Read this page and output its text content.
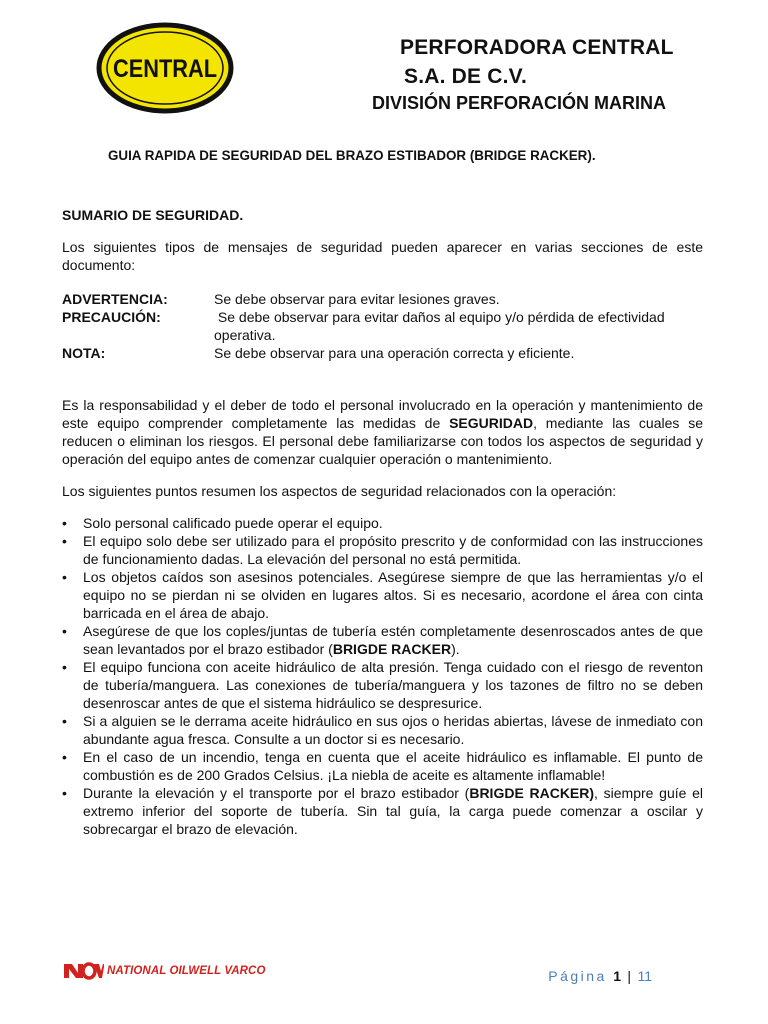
CENTRAL
PERFORADORA CENTRAL
S.A. DE C.V.
DIVISIÓN PERFORACIÓN MARINA
GUIA RAPIDA DE SEGURIDAD DEL BRAZO ESTIBADOR (BRIDGE RACKER).
SUMARIO DE SEGURIDAD.

Los siguientes tipos de mensajes de seguridad pueden aparecer en varias secciones de este documento:

ADVERTENCIA:	Se debe observar para evitar lesiones graves.
PRECAUCIÓN:	Se debe observar para evitar daños al equipo y/o pérdida de efectividad operativa.
NOTA:	Se debe observar para una operación correcta y eficiente.

Es la responsabilidad y el deber de todo el personal involucrado en la operación y mantenimiento de este equipo comprender completamente las medidas de SEGURIDAD, mediante las cuales se reducen o eliminan los riesgos. El personal debe familiarizarse con todos los aspectos de seguridad y operación del equipo antes de comenzar cualquier operación o mantenimiento.

Los siguientes puntos resumen los aspectos de seguridad relacionados con la operación:

• Solo personal calificado puede operar el equipo.
• El equipo solo debe ser utilizado para el propósito prescrito y de conformidad con las instrucciones de funcionamiento dadas. La elevación del personal no está permitida.
• Los objetos caídos son asesinos potenciales. Asegúrese siempre de que las herramientas y/o el equipo no se pierdan ni se olviden en lugares altos. Si es necesario, acordone el área con cinta barricada en el área de abajo.
• Asegúrese de que los coples/juntas de tubería estén completamente desenroscados antes de que sean levantados por el brazo estibador (BRIGDE RACKER).
• El equipo funciona con aceite hidráulico de alta presión. Tenga cuidado con el riesgo de reventon de tubería/manguera. Las conexiones de tubería/manguera y los tazones de filtro no se deben desenroscar antes de que el sistema hidráulico se despresurice.
• Si a alguien se le derrama aceite hidráulico en sus ojos o heridas abiertas, lávese de inmediato con abundante agua fresca. Consulte a un doctor si es necesario.
• En el caso de un incendio, tenga en cuenta que el aceite hidráulico es inflamable. El punto de combustión es de 200 Grados Celsius. ¡La niebla de aceite es altamente inflamable!
• Durante la elevación y el transporte por el brazo estibador (BRIGDE RACKER), siempre guíe el extremo inferior del soporte de tubería. Sin tal guía, la carga puede comenzar a oscilar y sobrecargar el brazo de elevación.
NATIONAL OILWELL VARCO	Página 1 | 11
